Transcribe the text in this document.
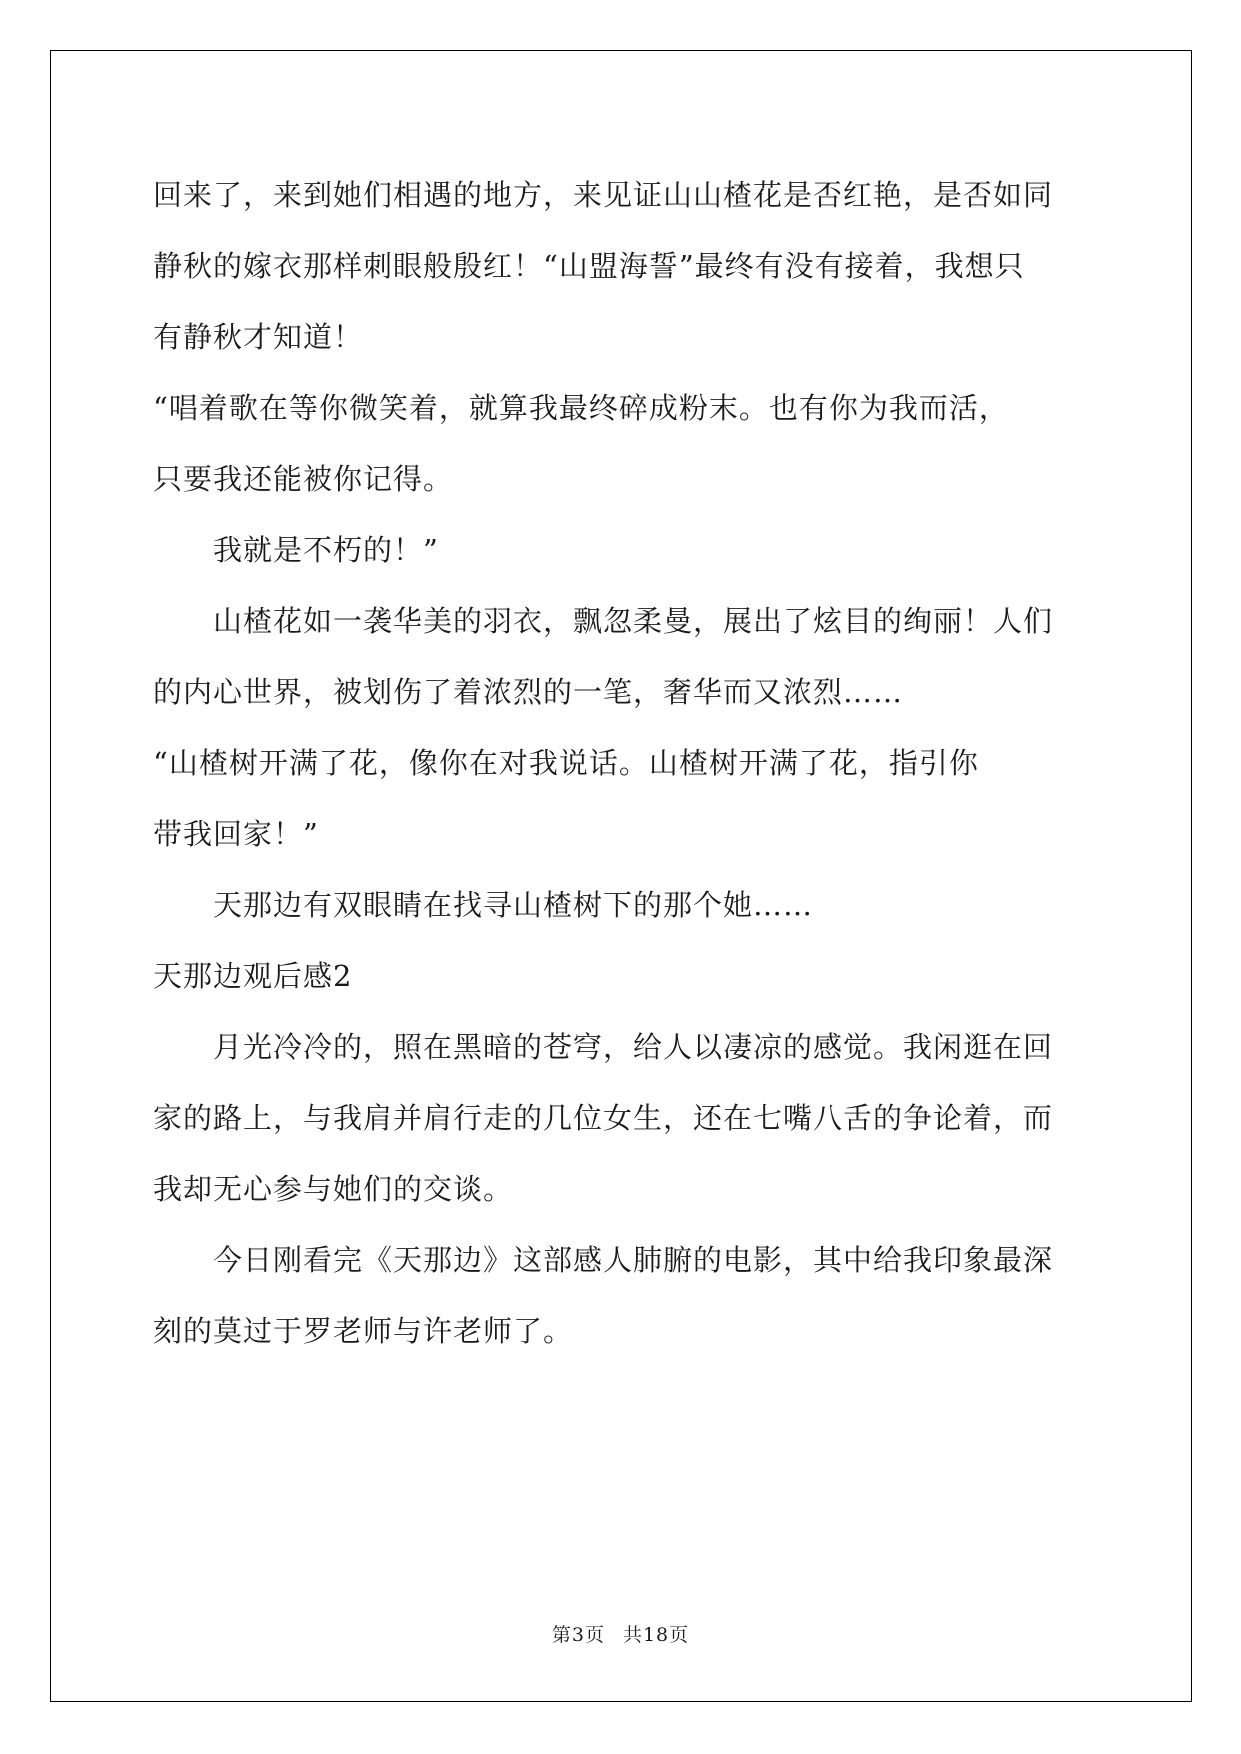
回来了，来到她们相遇的地方，来见证山山楂花是否红艳，是否如同
静秋的嫁衣那样刺眼般殷红！“山盟海誓”最终有没有接着，我想只
有静秋才知道！
“唱着歌在等你微笑着，就算我最终碎成粉末。也有你为我而活，
只要我还能被你记得。
　　我就是不朽的！”
　　山楂花如一袭华美的羽衣，飘忽柔曼，展出了炫目的绚丽！人们
的内心世界，被划伤了着浓烈的一笔，奢华而又浓烈……
“山楂树开满了花，像你在对我说话。山楂树开满了花，指引你
带我回家！”
　　天那边有双眼睛在找寻山楂树下的那个她……
天那边观后感2
　　月光冷冷的，照在黑暗的苍穹，给人以凄凉的感觉。我闲逛在回
家的路上，与我肩并肩行走的几位女生，还在七嘴八舌的争论着，而
我却无心参与她们的交谈。
　　今日刚看完《天那边》这部感人肺腑的电影，其中给我印象最深
刻的莫过于罗老师与许老师了。
第3页 共18页
